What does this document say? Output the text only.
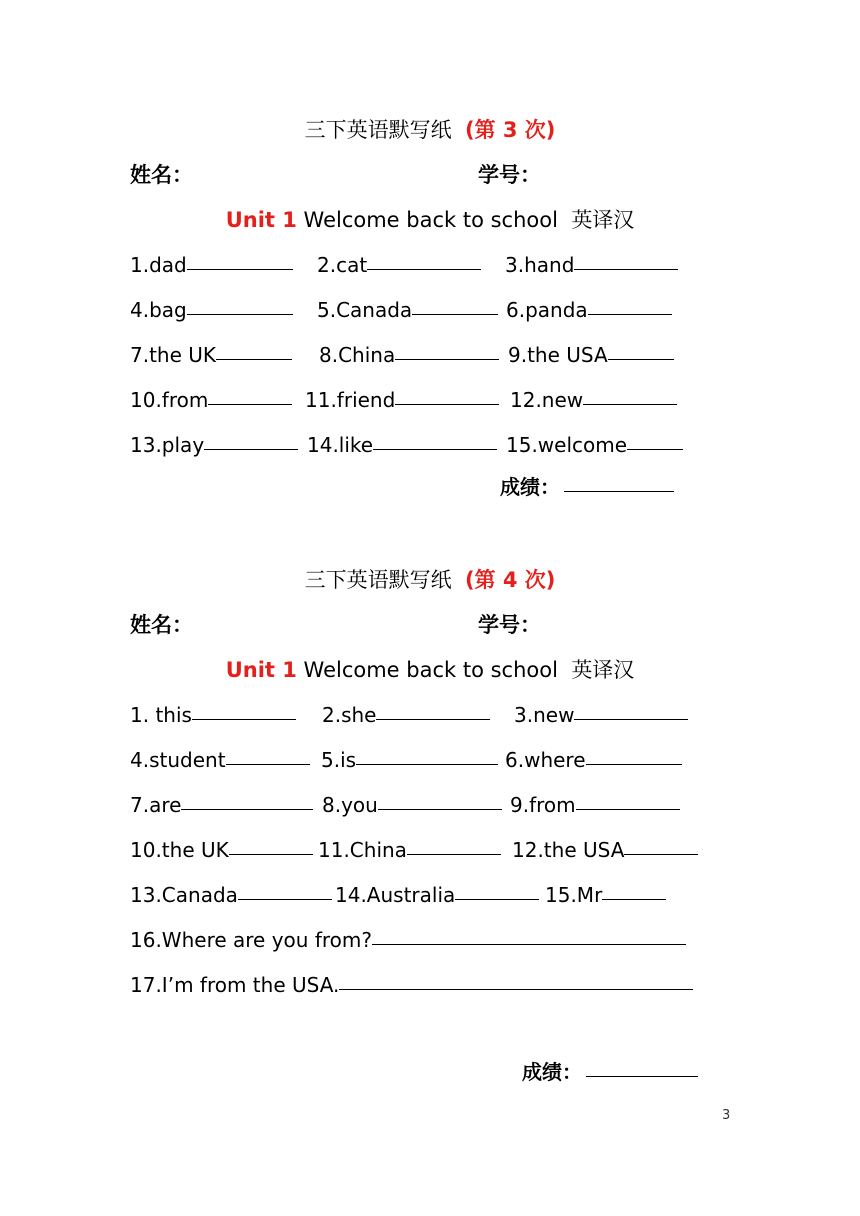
三下英语默写纸 (第 3 次)
姓名：	学号：
Unit 1 Welcome back to school 英译汉
1.dad	2.cat	3.hand
4.bag	5.Canada	6.panda
7.the UK	8.China	9.the USA
10.from	11.friend	12.new
13.play	14.like	15.welcome
成绩：
三下英语默写纸 (第 4 次)
姓名：	学号：
Unit 1 Welcome back to school 英译汉
1. this	2.she	3.new
4.student	5.is	6.where
7.are	8.you	9.from
10.the UK	11.China	12.the USA
13.Canada	14.Australia	15.Mr
16.Where are you from?
17.I’m from the USA.
成绩：
3
